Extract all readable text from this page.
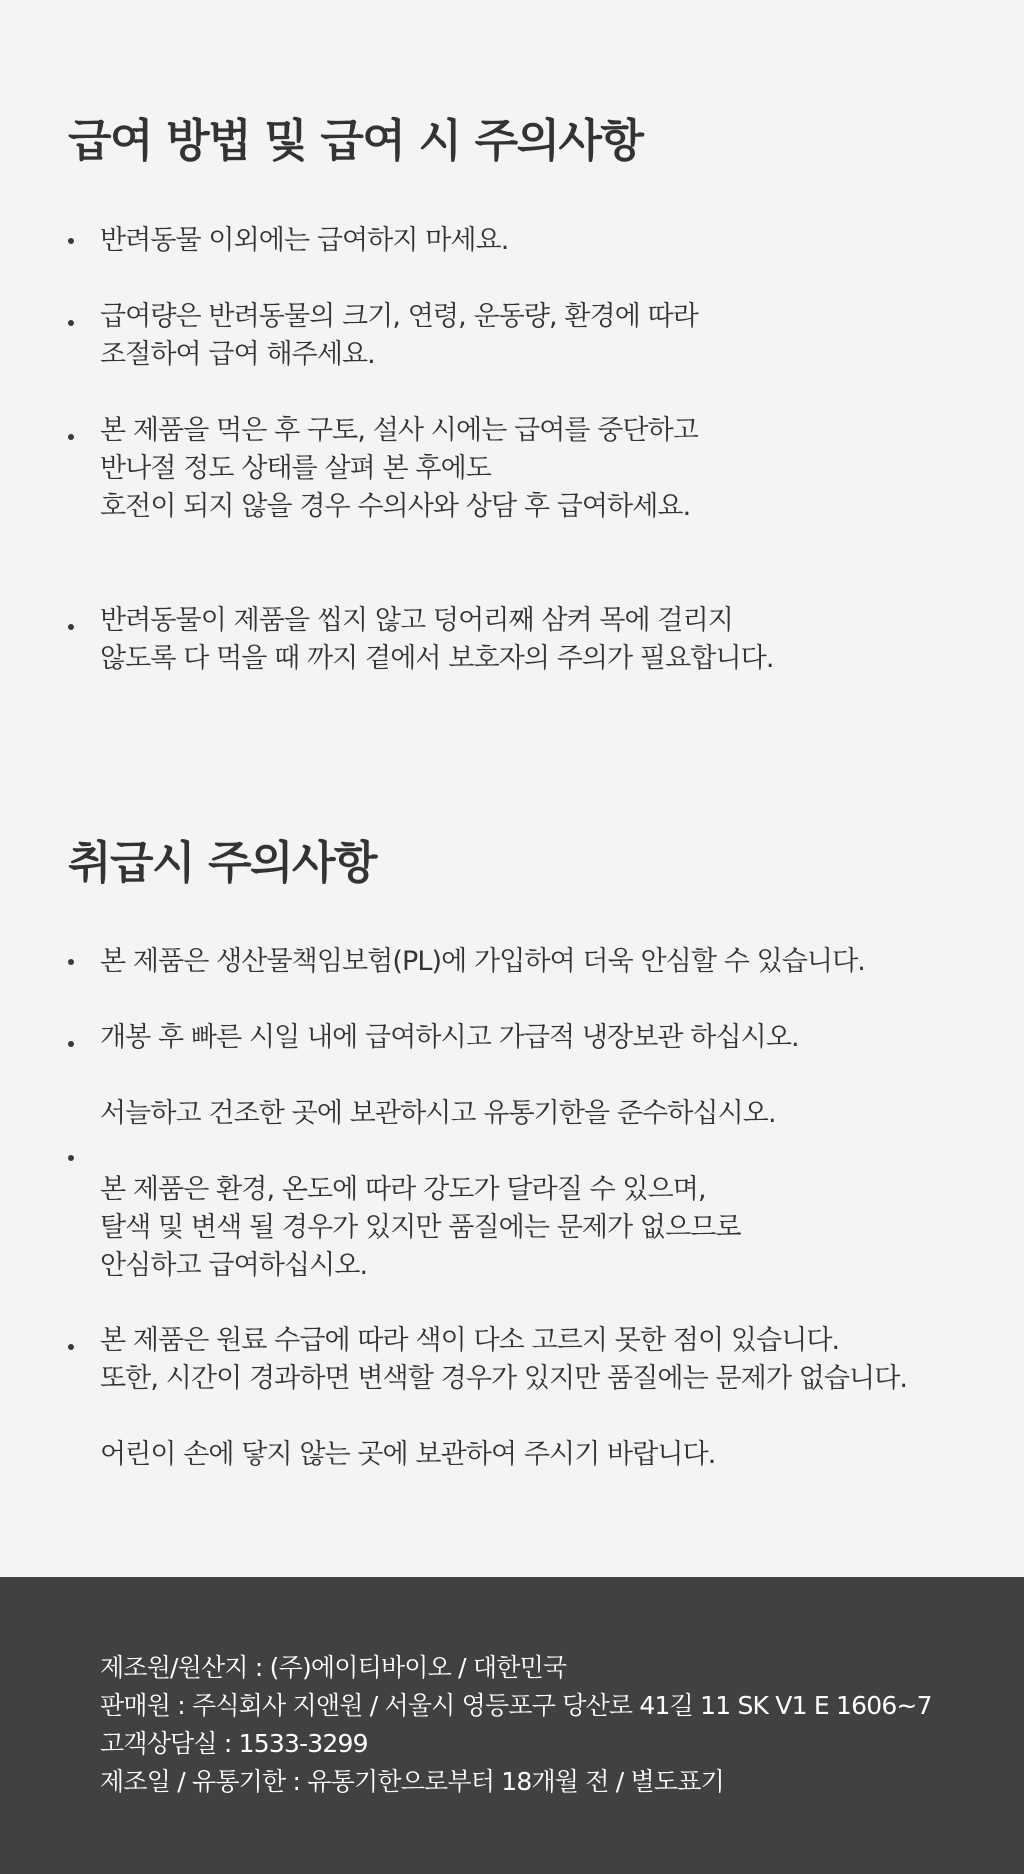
급여 방법 및 급여 시 주의사항
반려동물 이외에는 급여하지 마세요.
급여량은 반려동물의 크기, 연령, 운동량, 환경에 따라
조절하여 급여 해주세요.
본 제품을 먹은 후 구토, 설사 시에는 급여를 중단하고
반나절 정도 상태를 살펴 본 후에도
호전이 되지 않을 경우 수의사와 상담 후 급여하세요.
반려동물이 제품을 씹지 않고 덩어리째 삼켜 목에 걸리지
않도록 다 먹을 때 까지 곁에서 보호자의 주의가 필요합니다.
취급시 주의사항
본 제품은 생산물책임보험(PL)에 가입하여 더욱 안심할 수 있습니다.
개봉 후 빠른 시일 내에 급여하시고 가급적 냉장보관 하십시오.
서늘하고 건조한 곳에 보관하시고 유통기한을 준수하십시오.
본 제품은 환경, 온도에 따라 강도가 달라질 수 있으며,
탈색 및 변색 될 경우가 있지만 품질에는 문제가 없으므로
안심하고 급여하십시오.
본 제품은 원료 수급에 따라 색이 다소 고르지 못한 점이 있습니다.
또한, 시간이 경과하면 변색할 경우가 있지만 품질에는 문제가 없습니다.
어린이 손에 닿지 않는 곳에 보관하여 주시기 바랍니다.
제조원/원산지 : (주)에이티바이오 / 대한민국
판매원 : 주식회사 지앤원 / 서울시 영등포구 당산로 41길 11 SK V1 E 1606~7
고객상담실 : 1533-3299
제조일 / 유통기한 : 유통기한으로부터 18개월 전 / 별도표기
